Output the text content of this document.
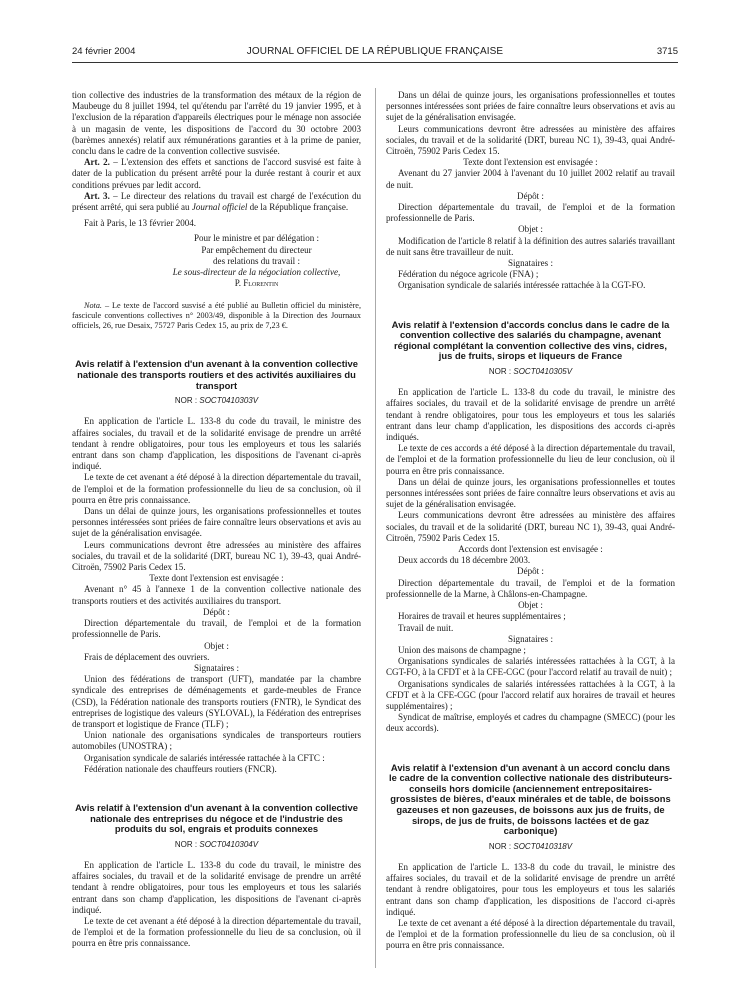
24 février 2004	JOURNAL OFFICIEL DE LA RÉPUBLIQUE FRANÇAISE	3715

tion collective des industries de la transformation des métaux de la région de Maubeuge du 8 juillet 1994, tel qu'étendu par l'arrêté du 19 janvier 1995, et à l'exclusion de la réparation d'appareils électriques pour le ménage non associée à un magasin de vente, les dispositions de l'accord du 30 octobre 2003 (barèmes annexés) relatif aux rémunérations garanties et à la prime de panier, conclu dans le cadre de la convention collective susvisée.

Art. 2. – L'extension des effets et sanctions de l'accord susvisé est faite à dater de la publication du présent arrêté pour la durée restant à courir et aux conditions prévues par ledit accord.

Art. 3. – Le directeur des relations du travail est chargé de l'exécution du présent arrêté, qui sera publié au Journal officiel de la République française.

Fait à Paris, le 13 février 2004.

Pour le ministre et par délégation :

Par empêchement du directeur

des relations du travail :

Le sous-directeur de la négociation collective,

P. Florentin

Nota. – Le texte de l'accord susvisé a été publié au Bulletin officiel du ministère, fascicule conventions collectives n° 2003/49, disponible à la Direction des Journaux officiels, 26, rue Desaix, 75727 Paris Cedex 15, au prix de 7,23 €.

Avis relatif à l'extension d'un avenant à la convention collective nationale des transports routiers et des activités auxiliaires du transport

NOR : SOCT0410303V

En application de l'article L. 133-8 du code du travail, le ministre des affaires sociales, du travail et de la solidarité envisage de prendre un arrêté tendant à rendre obligatoires, pour tous les employeurs et tous les salariés entrant dans son champ d'application, les dispositions de l'avenant ci-après indiqué.

Le texte de cet avenant a été déposé à la direction départementale du travail, de l'emploi et de la formation professionnelle du lieu de sa conclusion, où il pourra en être pris connaissance.

Dans un délai de quinze jours, les organisations professionnelles et toutes personnes intéressées sont priées de faire connaître leurs observations et avis au sujet de la généralisation envisagée.

Leurs communications devront être adressées au ministère des affaires sociales, du travail et de la solidarité (DRT, bureau NC 1), 39-43, quai André-Citroën, 75902 Paris Cedex 15.

Texte dont l'extension est envisagée :

Avenant n° 45 à l'annexe 1 de la convention collective nationale des transports routiers et des activités auxiliaires du transport.

Dépôt :

Direction départementale du travail, de l'emploi et de la formation professionnelle de Paris.

Objet :

Frais de déplacement des ouvriers.

Signataires :

Union des fédérations de transport (UFT), mandatée par la chambre syndicale des entreprises de déménagements et garde-meubles de France (CSD), la Fédération nationale des transports routiers (FNTR), le Syndicat des entreprises de logistique des valeurs (SYLOVAL), la Fédération des entreprises de transport et logistique de France (TLF) ;

Union nationale des organisations syndicales de transporteurs routiers automobiles (UNOSTRA) ;

Organisation syndicale de salariés intéressée rattachée à la CFTC :

Fédération nationale des chauffeurs routiers (FNCR).

Avis relatif à l'extension d'un avenant à la convention collective nationale des entreprises du négoce et de l'industrie des produits du sol, engrais et produits connexes

NOR : SOCT0410304V

En application de l'article L. 133-8 du code du travail, le ministre des affaires sociales, du travail et de la solidarité envisage de prendre un arrêté tendant à rendre obligatoires, pour tous les employeurs et tous les salariés entrant dans son champ d'application, les dispositions de l'avenant ci-après indiqué.

Le texte de cet avenant a été déposé à la direction départementale du travail, de l'emploi et de la formation professionnelle du lieu de sa conclusion, où il pourra en être pris connaissance.

Dans un délai de quinze jours, les organisations professionnelles et toutes personnes intéressées sont priées de faire connaître leurs observations et avis au sujet de la généralisation envisagée.

Leurs communications devront être adressées au ministère des affaires sociales, du travail et de la solidarité (DRT, bureau NC 1), 39-43, quai André-Citroën, 75902 Paris Cedex 15.

Texte dont l'extension est envisagée :

Avenant du 27 janvier 2004 à l'avenant du 10 juillet 2002 relatif au travail de nuit.

Dépôt :

Direction départementale du travail, de l'emploi et de la formation professionnelle de Paris.

Objet :

Modification de l'article 8 relatif à la définition des autres salariés travaillant de nuit sans être travailleur de nuit.

Signataires :

Fédération du négoce agricole (FNA) ;

Organisation syndicale de salariés intéressée rattachée à la CGT-FO.

Avis relatif à l'extension d'accords conclus dans le cadre de la convention collective des salariés du champagne, avenant régional complétant la convention collective des vins, cidres, jus de fruits, sirops et liqueurs de France

NOR : SOCT0410305V

En application de l'article L. 133-8 du code du travail, le ministre des affaires sociales, du travail et de la solidarité envisage de prendre un arrêté tendant à rendre obligatoires, pour tous les employeurs et tous les salariés entrant dans leur champ d'application, les dispositions des accords ci-après indiqués.

Le texte de ces accords a été déposé à la direction départementale du travail, de l'emploi et de la formation professionnelle du lieu de leur conclusion, où il pourra en être pris connaissance.

Dans un délai de quinze jours, les organisations professionnelles et toutes personnes intéressées sont priées de faire connaître leurs observations et avis au sujet de la généralisation envisagée.

Leurs communications devront être adressées au ministère des affaires sociales, du travail et de la solidarité (DRT, bureau NC 1), 39-43, quai André-Citroën, 75902 Paris Cedex 15.

Accords dont l'extension est envisagée :

Deux accords du 18 décembre 2003.

Dépôt :

Direction départementale du travail, de l'emploi et de la formation professionnelle de la Marne, à Châlons-en-Champagne.

Objet :

Horaires de travail et heures supplémentaires ;

Travail de nuit.

Signataires :

Union des maisons de champagne ;

Organisations syndicales de salariés intéressées rattachées à la CGT, à la CGT-FO, à la CFDT et à la CFE-CGC (pour l'accord relatif au travail de nuit) ;

Organisations syndicales de salariés intéressées rattachées à la CGT, à la CFDT et à la CFE-CGC (pour l'accord relatif aux horaires de travail et heures supplémentaires) ;

Syndicat de maîtrise, employés et cadres du champagne (SMECC) (pour les deux accords).

Avis relatif à l'extension d'un avenant à un accord conclu dans le cadre de la convention collective nationale des distributeurs-conseils hors domicile (anciennement entrepositaires-grossistes de bières, d'eaux minérales et de table, de boissons gazeuses et non gazeuses, de boissons aux jus de fruits, de sirops, de jus de fruits, de boissons lactées et de gaz carbonique)

NOR : SOCT0410318V

En application de l'article L. 133-8 du code du travail, le ministre des affaires sociales, du travail et de la solidarité envisage de prendre un arrêté tendant à rendre obligatoires, pour tous les employeurs et tous les salariés entrant dans son champ d'application, les dispositions de l'accord ci-après indiqué.

Le texte de cet avenant a été déposé à la direction départementale du travail, de l'emploi et de la formation professionnelle du lieu de sa conclusion, où il pourra en être pris connaissance.
